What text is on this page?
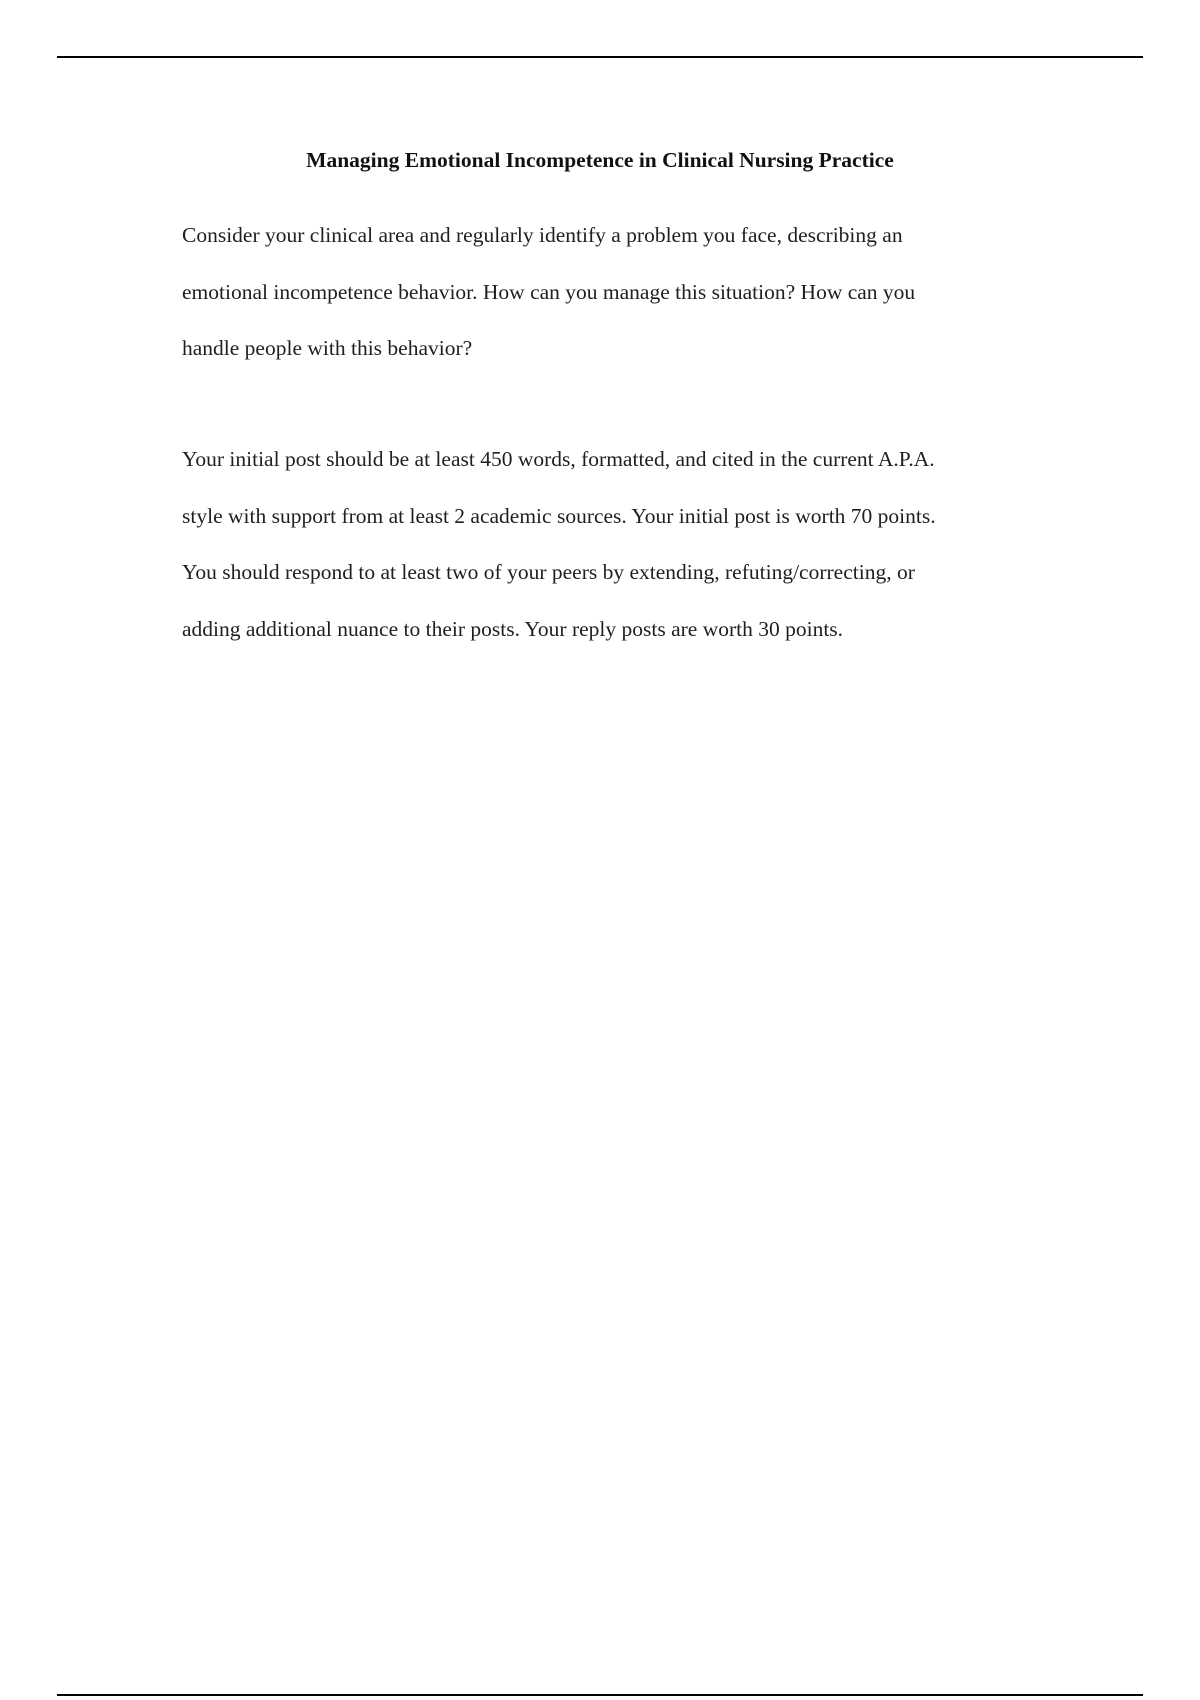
Managing Emotional Incompetence in Clinical Nursing Practice

Consider your clinical area and regularly identify a problem you face, describing an
emotional incompetence behavior. How can you manage this situation? How can you
handle people with this behavior?

Your initial post should be at least 450 words, formatted, and cited in the current A.P.A.
style with support from at least 2 academic sources. Your initial post is worth 70 points.
You should respond to at least two of your peers by extending, refuting/correcting, or
adding additional nuance to their posts. Your reply posts are worth 30 points.
